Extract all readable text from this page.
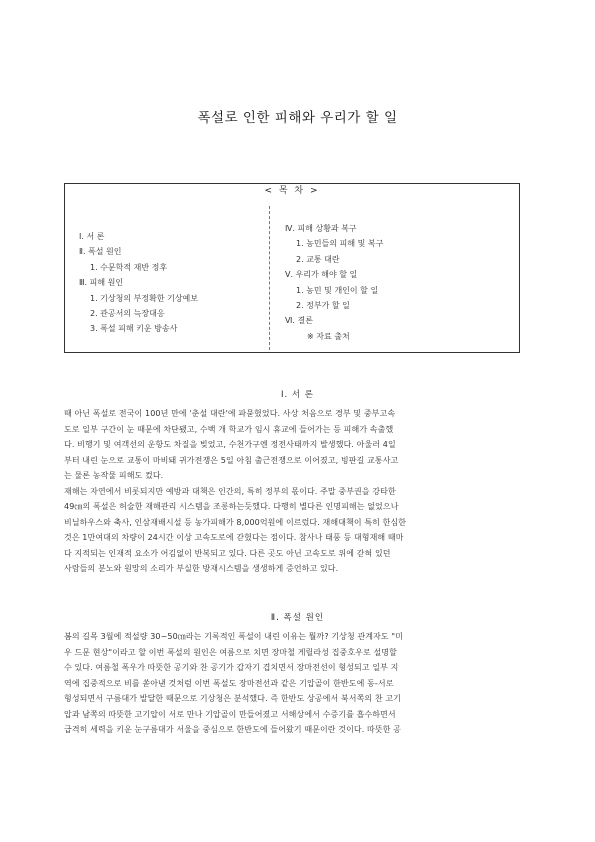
폭설로 인한 피해와 우리가 할 일
< 목 차 >
Ⅰ. 서 론
Ⅱ. 폭설 원인
1. 수문학적 재반 정후
Ⅲ. 피해 원인
1. 기상청의 부정확한 기상예보
2. 관공서의 늑장대응
3. 폭설 피해 키운 방송사
Ⅳ. 피해 상황과 복구
1. 농민들의 피해 및 복구
2. 교통 대란
Ⅴ. 우리가 해야 할 일
1. 농민 및 개인이 할 일
2. 정부가 할 일
Ⅵ. 결론
※ 자료 출처
Ⅰ. 서 론
때 아닌 폭설로 전국이 100년 만에 '춘설 대란'에 파묻혔었다. 사상 처음으로 경부 및 중부고속
도로 일부 구간이 눈 때문에 차단됐고, 수백 개 학교가 임시 휴교에 들어가는 등 피해가 속출했
다. 비행기 및 여객선의 운항도 차질을 빚었고, 수천가구엔 정전사태까지 발생했다. 아울러 4일
부터 내린 눈으로 교통이 마비돼 귀가전쟁은 5일 아침 출근전쟁으로 이어졌고, 빙판길 교통사고
는 물론 농작물 피해도 컸다.
재해는 자연에서 비롯되지만 예방과 대책은 인간의, 특히 정부의 몫이다. 주말 중부권을 강타한
49㎝의 폭설은 허술한 재해관리 시스템을 조롱하는듯했다. 다행히 별다른 인명피해는 없었으나
비닐하우스와 축사, 인삼재배시설 등 농가피해가 8,000억원에 이르렀다. 재해대책이 특히 한심한
것은 1만여대의 차량이 24시간 이상 고속도로에 갇혔다는 점이다. 참사나 태풍 등 대형재해 때마
다 지적되는 인재적 요소가 어김없이 반복되고 있다. 다른 곳도 아닌 고속도로 위에 갇혀 있던
사람들의 분노와 원망의 소리가 부실한 방재시스템을 생생하게 증언하고 있다.
Ⅱ. 폭설 원인
봄의 길목 3월에 적설량 30~50㎝라는 기록적인 폭설이 내린 이유는 뭘까? 기상청 관계자도 "미
우 드문 현상"이라고 할 이번 폭설의 원인은 여름으로 치면 장마철 게릴라성 집중호우로 설명할
수 있다. 여름철 폭우가 따뜻한 공기와 찬 공기가 갑자기 겹치면서 장마전선이 형성되고 일부 지
역에 집중적으로 비를 쏟아낸 것처럼 이번 폭설도 장마전선과 같은 기압골이 한반도에 동-서로
형성되면서 구름대가 발달한 때문으로 기상청은 분석했다. 즉 한반도 상공에서 북서쪽의 찬 고기
압과 남쪽의 따뜻한 고기압이 서로 만나 기압골이 만들어졌고 서해상에서 수증기를 흡수하면서
급격히 세력을 키운 눈구름대가 서울을 중심으로 한반도에 들어왔기 때문이란 것이다. 따뜻한 공
